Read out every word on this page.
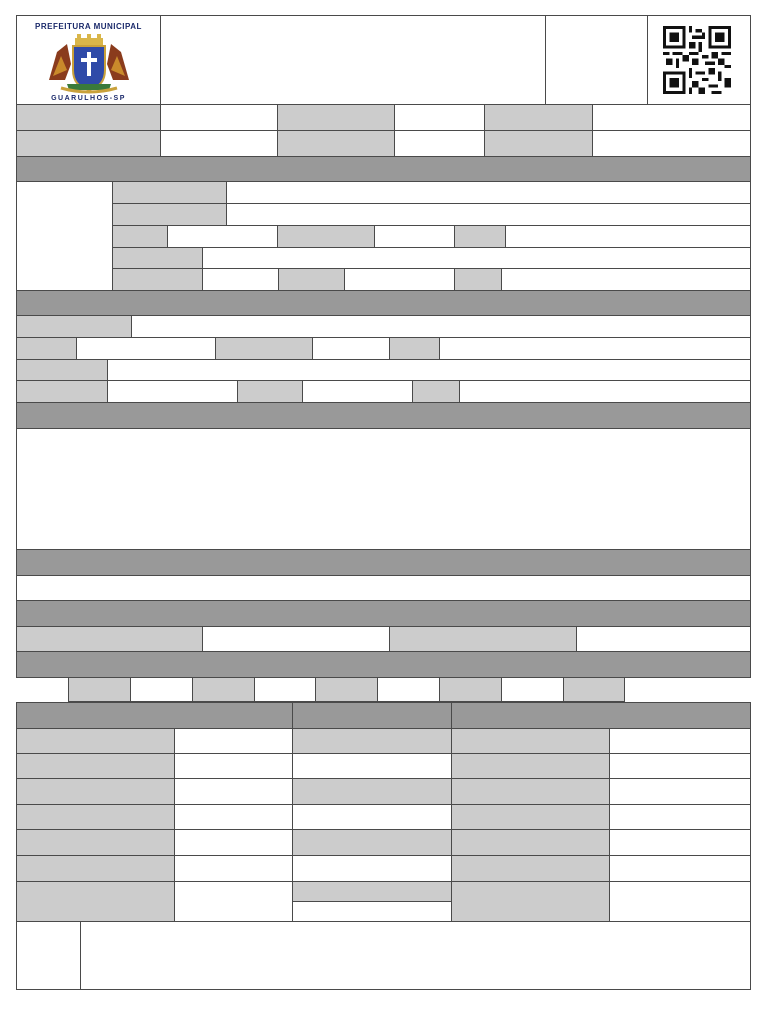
PREFEITURA MUNICIPAL
GUARULHOS-SP
